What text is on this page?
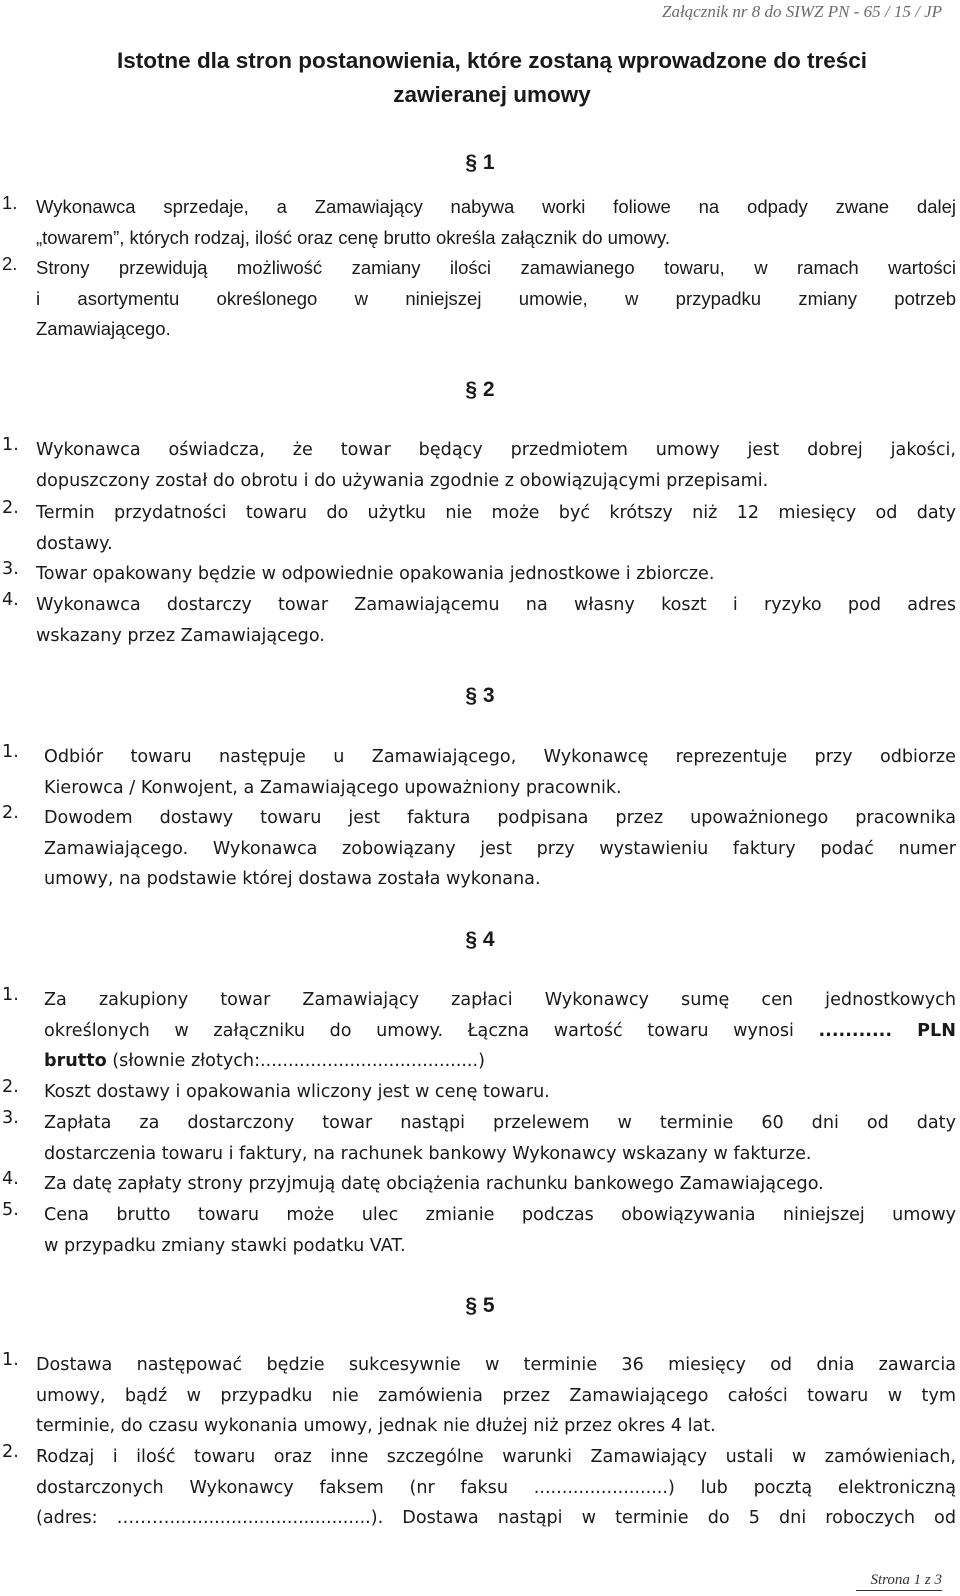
Załącznik nr 8 do SIWZ PN - 65 / 15 / JP
Istotne dla stron postanowienia, które zostaną wprowadzone do treści
zawieranej umowy
§ 1
1. Wykonawca sprzedaje, a Zamawiający nabywa worki foliowe na odpady zwane dalej
„towarem”, których rodzaj, ilość oraz cenę brutto określa załącznik do umowy.
2. Strony przewidują możliwość zamiany ilości zamawianego towaru, w ramach wartości
i asortymentu określonego w niniejszej umowie, w przypadku zmiany potrzeb
Zamawiającego.
§ 2
1. Wykonawca oświadcza, że towar będący przedmiotem umowy jest dobrej jakości,
dopuszczony został do obrotu i do używania zgodnie z obowiązującymi przepisami.
2. Termin przydatności towaru do użytku nie może być krótszy niż 12 miesięcy od daty
dostawy.
3. Towar opakowany będzie w odpowiednie opakowania jednostkowe i zbiorcze.
4. Wykonawca dostarczy towar Zamawiającemu na własny koszt i ryzyko pod adres
wskazany przez Zamawiającego.
§ 3
1. Odbiór towaru następuje u Zamawiającego, Wykonawcę reprezentuje przy odbiorze
Kierowca / Konwojent, a Zamawiającego upoważniony pracownik.
2. Dowodem dostawy towaru jest faktura podpisana przez upoważnionego pracownika
Zamawiającego. Wykonawca zobowiązany jest przy wystawieniu faktury podać numer
umowy, na podstawie której dostawa została wykonana.
§ 4
1. Za zakupiony towar Zamawiający zapłaci Wykonawcy sumę cen jednostkowych
określonych w załączniku do umowy. Łączna wartość towaru wynosi ........... PLN
brutto (słownie złotych:.......................................)
2. Koszt dostawy i opakowania wliczony jest w cenę towaru.
3. Zapłata za dostarczony towar nastąpi przelewem w terminie 60 dni od daty
dostarczenia towaru i faktury, na rachunek bankowy Wykonawcy wskazany w fakturze.
4. Za datę zapłaty strony przyjmują datę obciążenia rachunku bankowego Zamawiającego.
5. Cena brutto towaru może ulec zmianie podczas obowiązywania niniejszej umowy
w przypadku zmiany stawki podatku VAT.
§ 5
1. Dostawa następować będzie sukcesywnie w terminie 36 miesięcy od dnia zawarcia
umowy, bądź w przypadku nie zamówienia przez Zamawiającego całości towaru w tym
terminie, do czasu wykonania umowy, jednak nie dłużej niż przez okres 4 lat.
2. Rodzaj i ilość towaru oraz inne szczególne warunki Zamawiający ustali w zamówieniach,
dostarczonych Wykonawcy faksem (nr faksu ........................) lub pocztą elektroniczną
(adres: ………....................................). Dostawa nastąpi w terminie do 5 dni roboczych od
Strona 1 z 3
